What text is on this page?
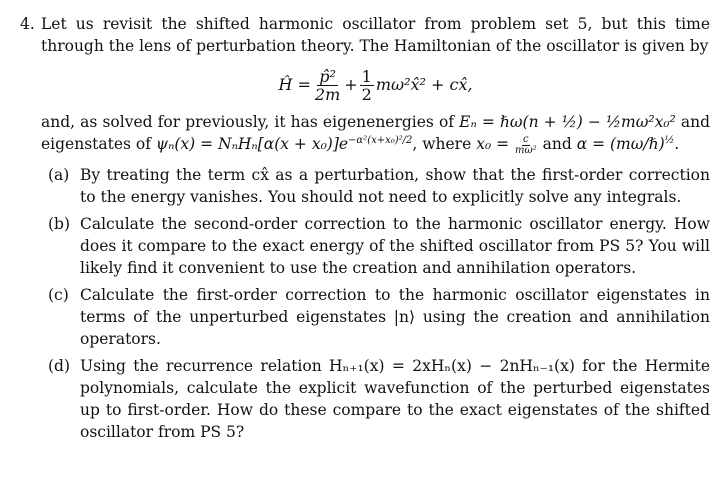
4. Let us revisit the shifted harmonic oscillator from problem set 5, but this time through the lens of perturbation theory. The Hamiltonian of the oscillator is given by

Ĥ = $\frac{\text{p̂²}}{2m} + \frac{1}{2}$ mω²x̂² + cx̂,

and, as solved for previously, it has eigenenergies of Eₙ = ℏω(n + ½) − ½mω²x₀² and eigenstates of $\psi_n(x) = N_nH_n[\alpha(x + x_0)]e^{-\alpha^2(x+x_0)^2/2}$, where $x_0 = \frac{c}{\text{mω²}}$ and α = (mω/ℏ)$^{\frac{1}{2}}$.

(a) By treating the term cx̂ as a perturbation, show that the first-order correction to the energy vanishes. You should not need to explicitly solve any integrals.
(b) Calculate the second-order correction to the harmonic oscillator energy. How does it compare to the exact energy of the shifted oscillator from PS 5? You will likely find it convenient to use the creation and annihilation operators.
(c) Calculate the first-order correction to the harmonic oscillator eigenstates in terms of the unperturbed eigenstates |n⟩ using the creation and annihilation operators.
(d) Using the recurrence relation Hₙ₊₁(x) = 2xHₙ(x) − 2nHₙ₋₁(x) for the Hermite polynomials, calculate the explicit wavefunction of the perturbed eigenstates up to first-order. How do these compare to the exact eigenstates of the shifted oscillator from PS 5?
